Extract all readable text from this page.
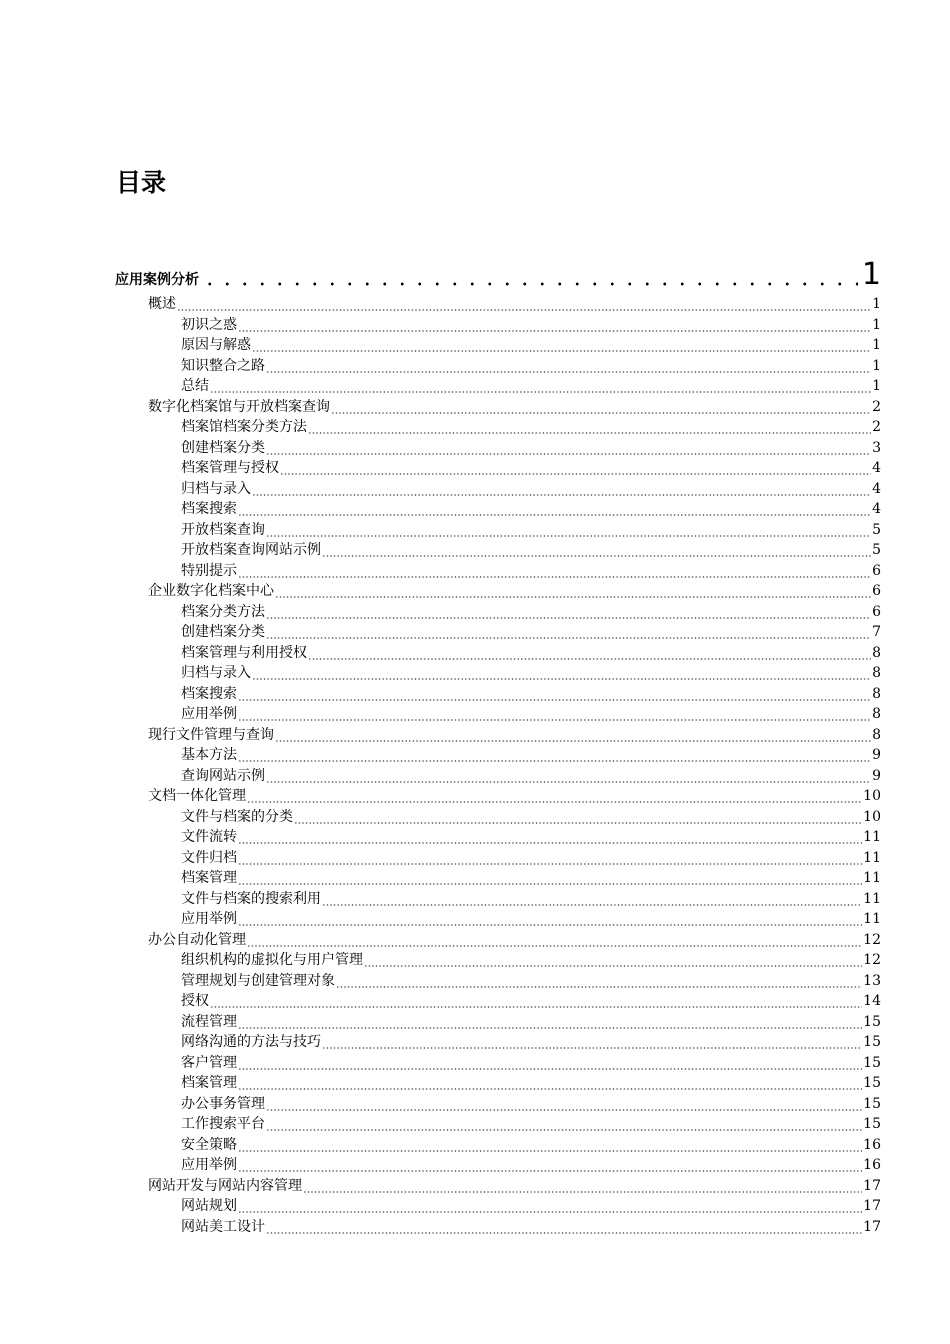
目录
应用案例分析	1
概述	1
初识之惑	1
原因与解惑	1
知识整合之路	1
总结	1
数字化档案馆与开放档案查询	2
档案馆档案分类方法	2
创建档案分类	3
档案管理与授权	4
归档与录入	4
档案搜索	4
开放档案查询	5
开放档案查询网站示例	5
特别提示	6
企业数字化档案中心	6
档案分类方法	6
创建档案分类	7
档案管理与利用授权	8
归档与录入	8
档案搜索	8
应用举例	8
现行文件管理与查询	8
基本方法	9
查询网站示例	9
文档一体化管理	10
文件与档案的分类	10
文件流转	11
文件归档	11
档案管理	11
文件与档案的搜索利用	11
应用举例	11
办公自动化管理	12
组织机构的虚拟化与用户管理	12
管理规划与创建管理对象	13
授权	14
流程管理	15
网络沟通的方法与技巧	15
客户管理	15
档案管理	15
办公事务管理	15
工作搜索平台	15
安全策略	16
应用举例	16
网站开发与网站内容管理	17
网站规划	17
网站美工设计	17
